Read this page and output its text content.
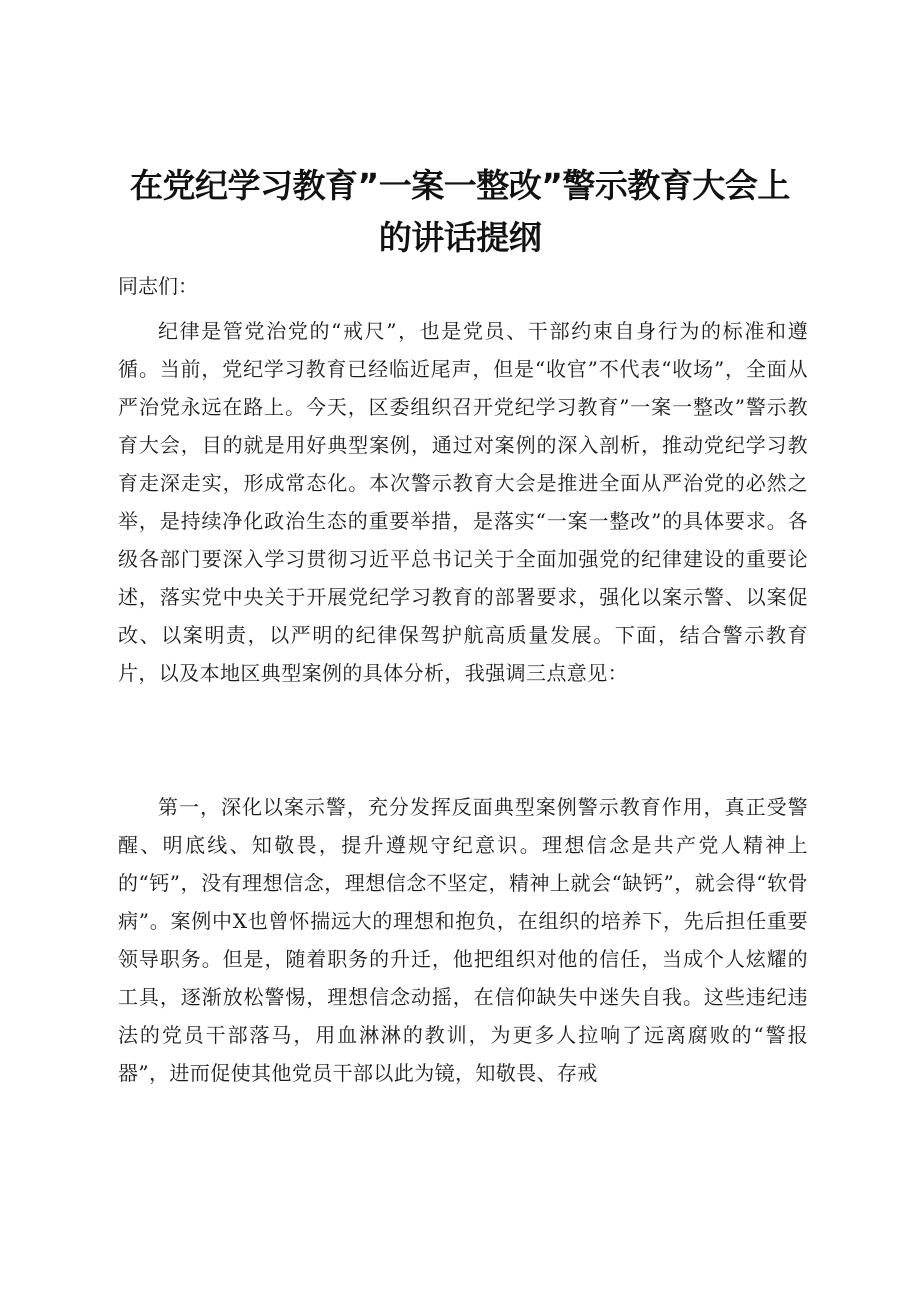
在党纪学习教育”一案一整改”警示教育大会上
的讲话提纲

同志们：

纪律是管党治党的“戒尺”，也是党员、干部约束自身行为的标准和遵循。当前，党纪学习教育已经临近尾声，但是“收官”不代表“收场”，全面从严治党永远在路上。今天，区委组织召开党纪学习教育”一案一整改”警示教育大会，目的就是用好典型案例，通过对案例的深入剖析，推动党纪学习教育走深走实，形成常态化。本次警示教育大会是推进全面从严治党的必然之举，是持续净化政治生态的重要举措，是落实“一案一整改”的具体要求。各级各部门要深入学习贯彻习近平总书记关于全面加强党的纪律建设的重要论述，落实党中央关于开展党纪学习教育的部署要求，强化以案示警、以案促改、以案明责，以严明的纪律保驾护航高质量发展。下面，结合警示教育片，以及本地区典型案例的具体分析，我强调三点意见：

第一，深化以案示警，充分发挥反面典型案例警示教育作用，真正受警醒、明底线、知敬畏，提升遵规守纪意识。理想信念是共产党人精神上的“钙”，没有理想信念，理想信念不坚定，精神上就会“缺钙”，就会得“软骨病”。案例中X也曾怀揣远大的理想和抱负，在组织的培养下，先后担任重要领导职务。但是，随着职务的升迁，他把组织对他的信任，当成个人炫耀的工具，逐渐放松警惕，理想信念动摇，在信仰缺失中迷失自我。这些违纪违法的党员干部落马，用血淋淋的教训，为更多人拉响了远离腐败的“警报器”，进而促使其他党员干部以此为镜，知敬畏、存戒
